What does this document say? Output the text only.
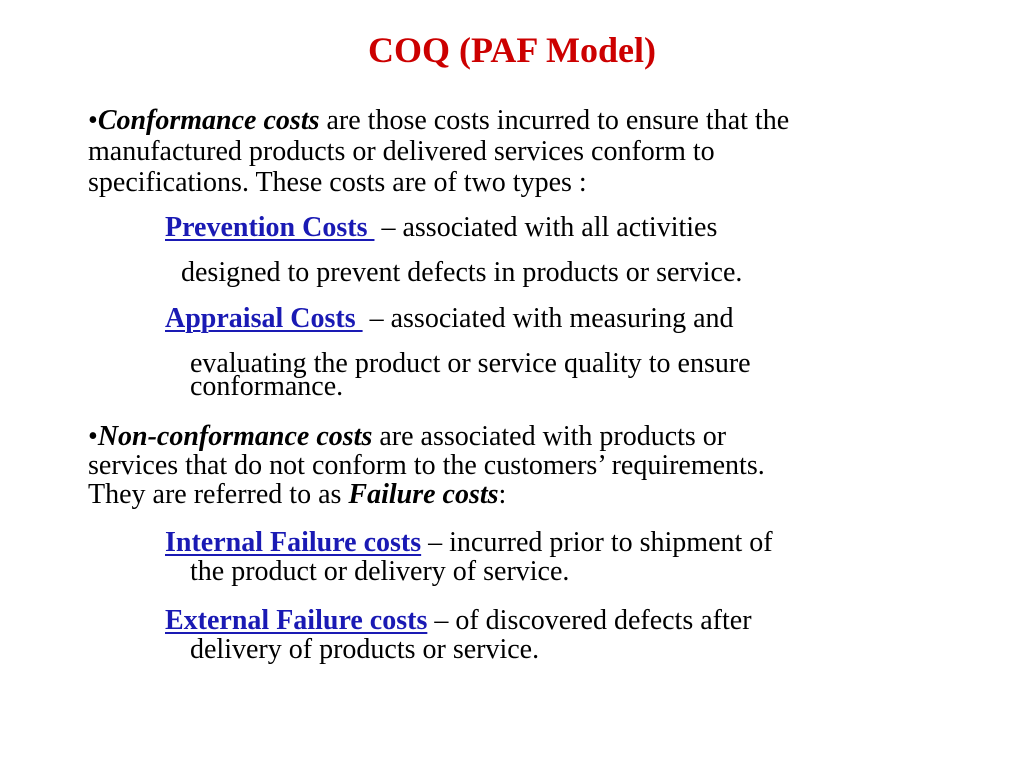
COQ (PAF Model)
•Conformance costs are those costs incurred to ensure that the
manufactured products or delivered services conform to
specifications. These costs are of two types :
Prevention Costs  – associated with all activities
designed to prevent defects in products or service.
Appraisal Costs  – associated with measuring and
evaluating the product or service quality to ensure
conformance.
•Non-conformance costs are associated with products or
services that do not conform to the customers’ requirements.
They are referred to as Failure costs:
Internal Failure costs – incurred prior to shipment of
the product or delivery of service.
External Failure costs – of discovered defects after
delivery of products or service.
